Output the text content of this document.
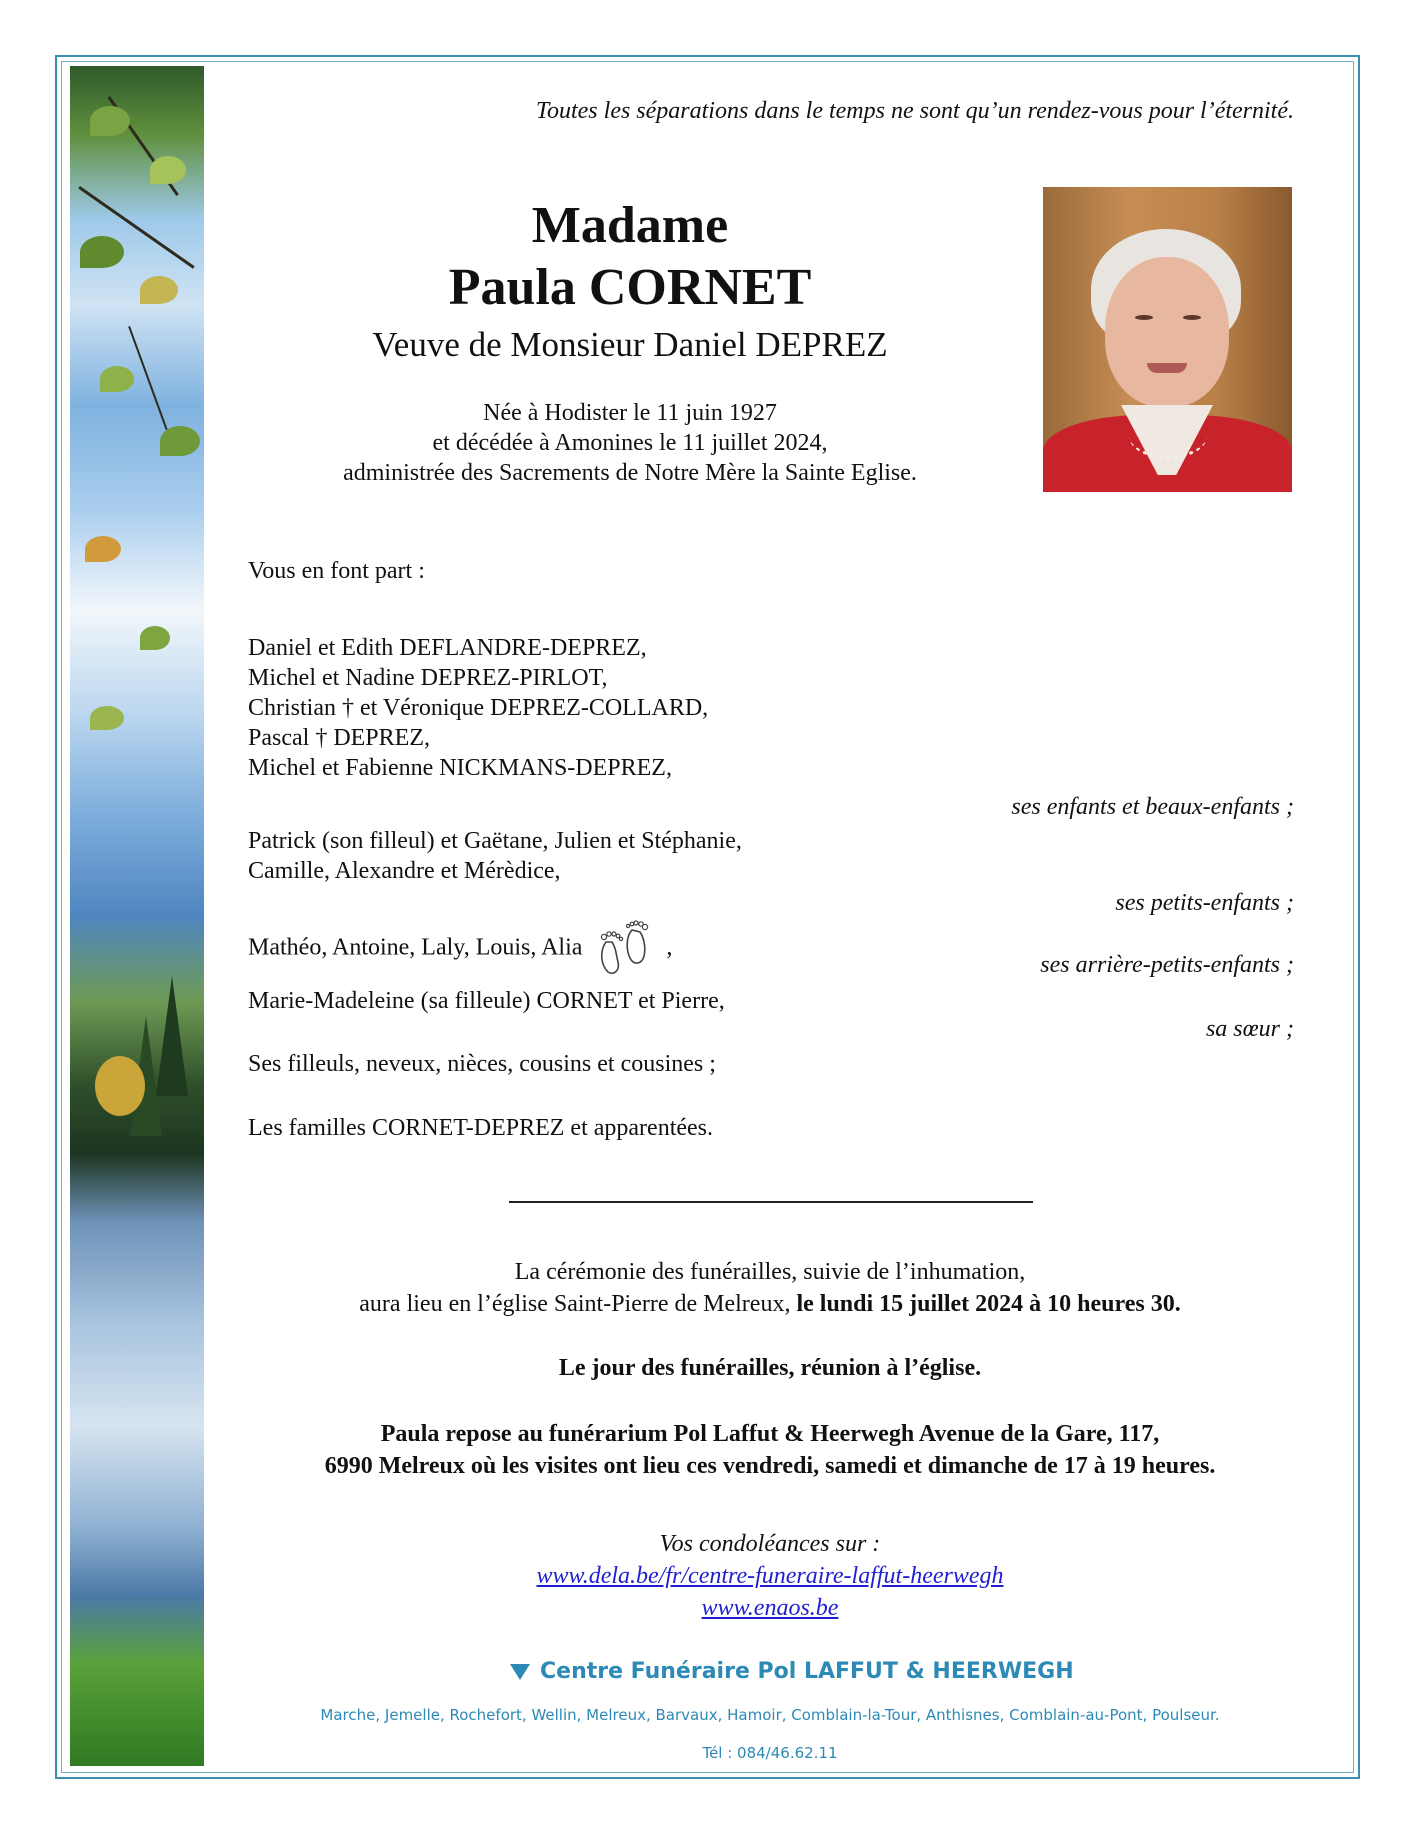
Toutes les séparations dans le temps ne sont qu’un rendez-vous pour l’éternité.
Madame
Paula CORNET
Veuve de Monsieur Daniel DEPREZ
Née à Hodister le 11 juin 1927
et décédée à Amonines le 11 juillet 2024,
administrée des Sacrements de Notre Mère la Sainte Eglise.
Vous en font part :
Daniel et Edith DEFLANDRE-DEPREZ,
Michel et Nadine DEPREZ-PIRLOT,
Christian † et Véronique DEPREZ-COLLARD,
Pascal † DEPREZ,
Michel et Fabienne NICKMANS-DEPREZ,
ses enfants et beaux-enfants ;
Patrick (son filleul) et Gaëtane, Julien et Stéphanie,
Camille, Alexandre et Mérèdice,
ses petits-enfants ;
Mathéo, Antoine, Laly, Louis, Alia	,
ses arrière-petits-enfants ;
Marie-Madeleine (sa filleule) CORNET et Pierre,
sa sœur ;
Ses filleuls, neveux, nièces, cousins et cousines ;
Les familles CORNET-DEPREZ et apparentées.
La cérémonie des funérailles, suivie de l’inhumation,
aura lieu en l’église Saint-Pierre de Melreux, le lundi 15 juillet 2024 à 10 heures 30.
Le jour des funérailles, réunion à l’église.
Paula repose au funérarium Pol Laffut & Heerwegh Avenue de la Gare, 117,
6990 Melreux où les visites ont lieu ces vendredi, samedi et dimanche de 17 à 19 heures.
Vos condoléances sur :
www.dela.be/fr/centre-funeraire-laffut-heerwegh
www.enaos.be
Centre Funéraire Pol LAFFUT & HEERWEGH
Marche, Jemelle, Rochefort, Wellin, Melreux, Barvaux, Hamoir, Comblain-la-Tour, Anthisnes, Comblain-au-Pont, Poulseur.
Tél : 084/46.62.11
